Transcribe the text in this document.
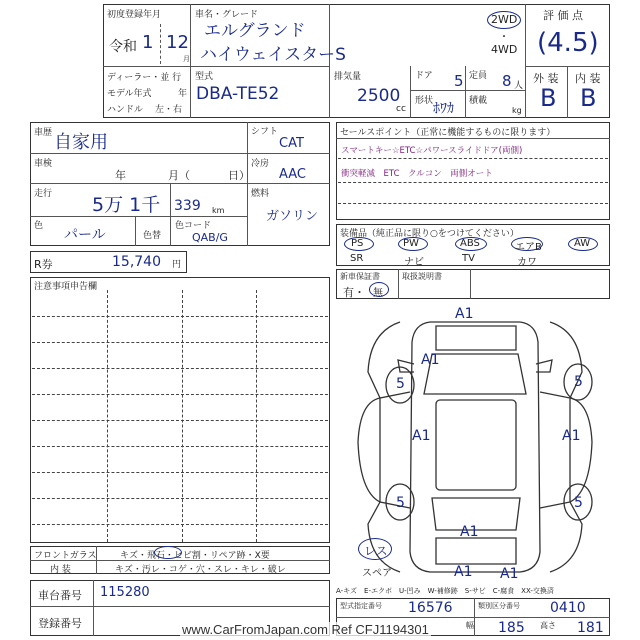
初度登録年月
令和 1 12
月
車名・グレード
エルグランド
ハイウェイスターS
2WD
・
4WD
評 価 点
(4.5)
ディーラー・並 行
モデル年式	年
ハンドル 左・右
型式
DBA-TE52
排気量
2500
cc
ドア 5 定員 8 人
形状 ﾎﾜｶ 積載
kg
外 装 内 装
B B
車歴 自家用
車検
年	月（	日）
走行 5万 1千 339 km
色
パール	色替
色コード
QAB/G
シフト
CAT
冷房
AAC
燃料
ガソリン
R券	15,740 円
注意事項申告欄
セールスポイント（正常に機能するものに限ります）
スマートキー☆ETC☆パワースライドドア(両側)
衝突軽減　ETC　クルコン　両側オート
装備品（純正品に限り○をつけてください）
PS	PW	ABS	エアB	AW
SR	ナビ	TV	カワ
新車保証書	取扱説明書
有・ 無
A1
A1
5	5
A1	A1
5	5
A1
A1 A1
レス
スペア
フロントガラス	キズ・飛石・ヒビ割・リペア跡・X要
内 装	キズ・汚レ・コゲ・穴・スレ・キレ・破レ
車台番号 115280
登録番号
A-キズ　E-エクボ　U-凹み　W-補修跡　S-サビ　C-腐食　XX-交換済
型式指定番号 16576	類別区分番号 0410
幅 185 高さ 181
www.CarFromJapan.com Ref CFJ1194301
